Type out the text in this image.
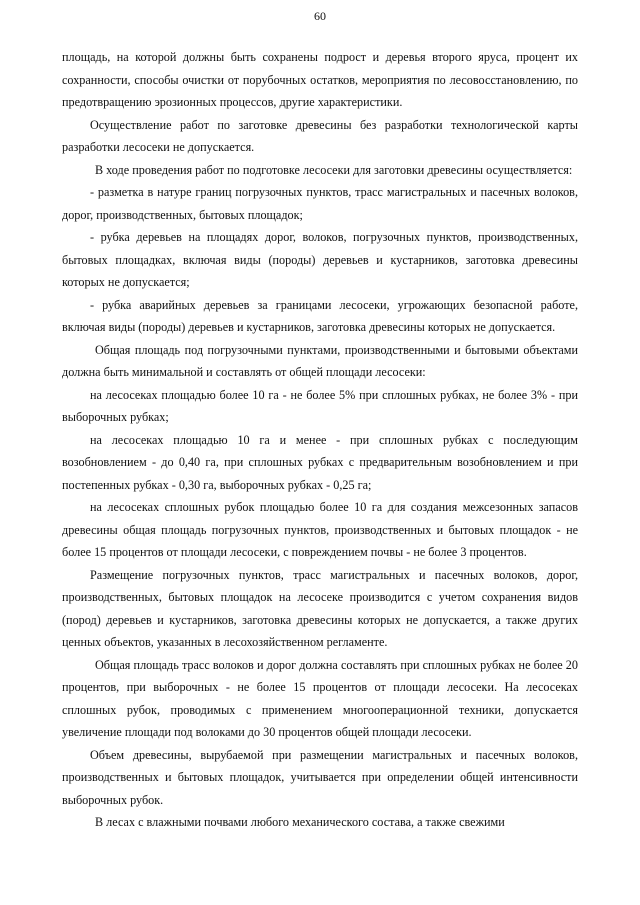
60

площадь, на которой должны быть сохранены подрост и деревья второго яруса, процент их сохранности, способы очистки от порубочных остатков, мероприятия по лесовосстановлению, по предотвращению эрозионных процессов, другие характеристики.

Осуществление работ по заготовке древесины без разработки технологической карты разработки лесосеки не допускается.

В ходе проведения работ по подготовке лесосеки для заготовки древесины осуществляется:

- разметка в натуре границ погрузочных пунктов, трасс магистральных и пасечных волоков, дорог, производственных, бытовых площадок;

- рубка деревьев на площадях дорог, волоков, погрузочных пунктов, производственных, бытовых площадках, включая виды (породы) деревьев и кустарников, заготовка древесины которых не допускается;

- рубка аварийных деревьев за границами лесосеки, угрожающих безопасной работе, включая виды (породы) деревьев и кустарников, заготовка древесины которых не допускается.

Общая площадь под погрузочными пунктами, производственными и бытовыми объектами должна быть минимальной и составлять от общей площади лесосеки:

на лесосеках площадью более 10 га - не более 5% при сплошных рубках, не более 3% - при выборочных рубках;

на лесосеках площадью 10 га и менее - при сплошных рубках с последующим возобновлением - до 0,40 га, при сплошных рубках с предварительным возобновлением и при постепенных рубках - 0,30 га, выборочных рубках - 0,25 га;

на лесосеках сплошных рубок площадью более 10 га для создания межсезонных запасов древесины общая площадь погрузочных пунктов, производственных и бытовых площадок - не более 15 процентов от площади лесосеки, с повреждением почвы - не более 3 процентов.

Размещение погрузочных пунктов, трасс магистральных и пасечных волоков, дорог, производственных, бытовых площадок на лесосеке производится с учетом сохранения видов (пород) деревьев и кустарников, заготовка древесины которых не допускается, а также других ценных объектов, указанных в лесохозяйственном регламенте.

Общая площадь трасс волоков и дорог должна составлять при сплошных рубках не более 20 процентов, при выборочных - не более 15 процентов от площади лесосеки. На лесосеках сплошных рубок, проводимых с применением многооперационной техники, допускается увеличение площади под волоками до 30 процентов общей площади лесосеки.

Объем древесины, вырубаемой при размещении магистральных и пасечных волоков, производственных и бытовых площадок, учитывается при определении общей интенсивности выборочных рубок.

В лесах с влажными почвами любого механического состава, а также свежими
